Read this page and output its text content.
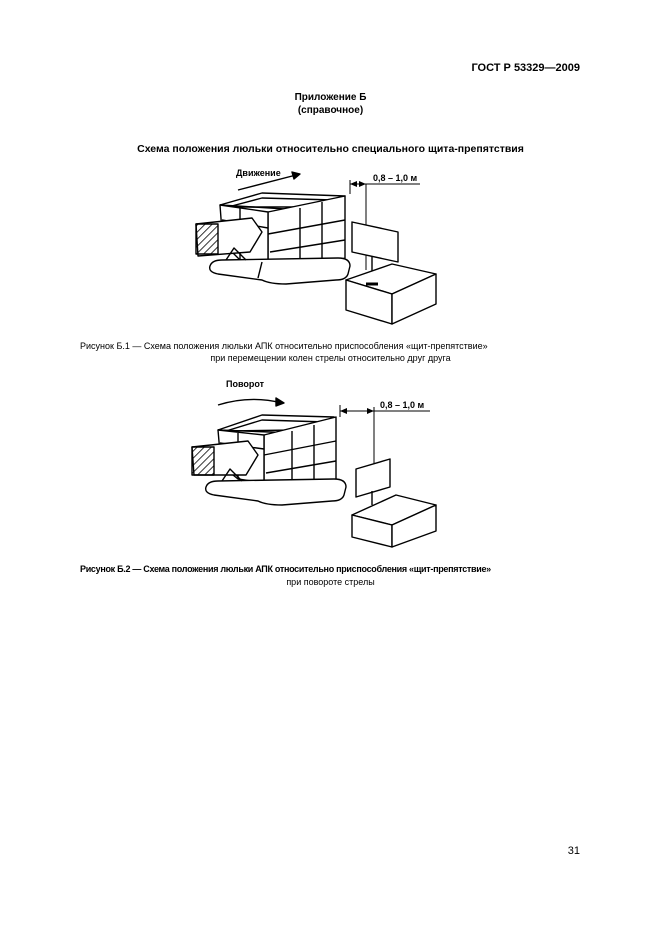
ГОСТ Р 53329—2009
Приложение Б
(справочное)
Схема положения люльки относительно специального щита-препятствия
Движение	0,8 – 1,0 м
Рисунок Б.1 — Схема положения люльки АПК относительно приспособления «щит-препятствие»
при перемещении колен стрелы относительно друг друга
Поворот
0,8 – 1,0 м
Рисунок Б.2 — Схема положения люльки АПК относительно приспособления «щит-препятствие»
при повороте стрелы
31
